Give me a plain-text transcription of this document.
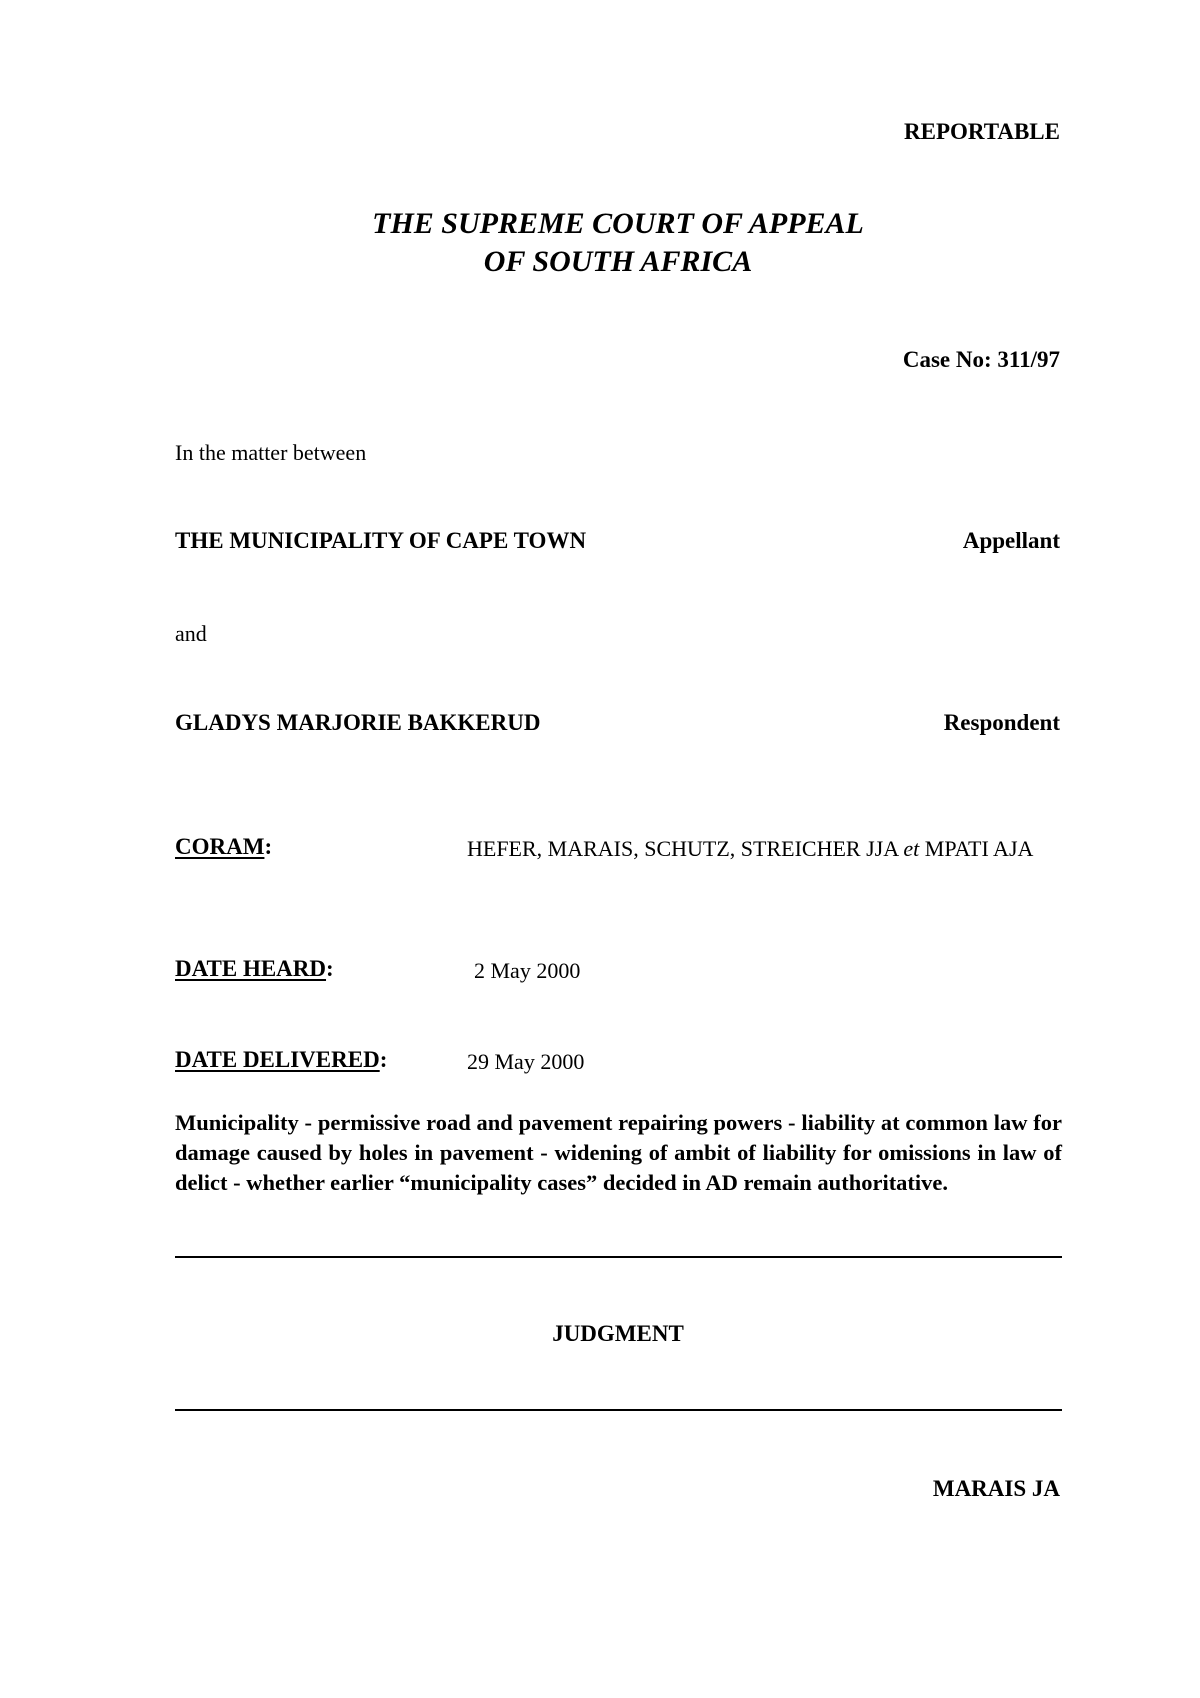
REPORTABLE
THE SUPREME COURT OF APPEAL
OF SOUTH AFRICA
Case No: 311/97
In the matter between
THE MUNICIPALITY OF CAPE TOWN	Appellant
and
GLADYS MARJORIE BAKKERUD	Respondent
CORAM:	HEFER, MARAIS, SCHUTZ, STREICHER JJA et MPATI AJA
DATE HEARD:	2 May 2000
DATE DELIVERED:	29 May 2000
Municipality - permissive road and pavement repairing powers - liability at common law for damage caused by holes in pavement - widening of ambit of liability for omissions in law of delict - whether earlier “municipality cases” decided in AD remain authoritative.
JUDGMENT
MARAIS JA
